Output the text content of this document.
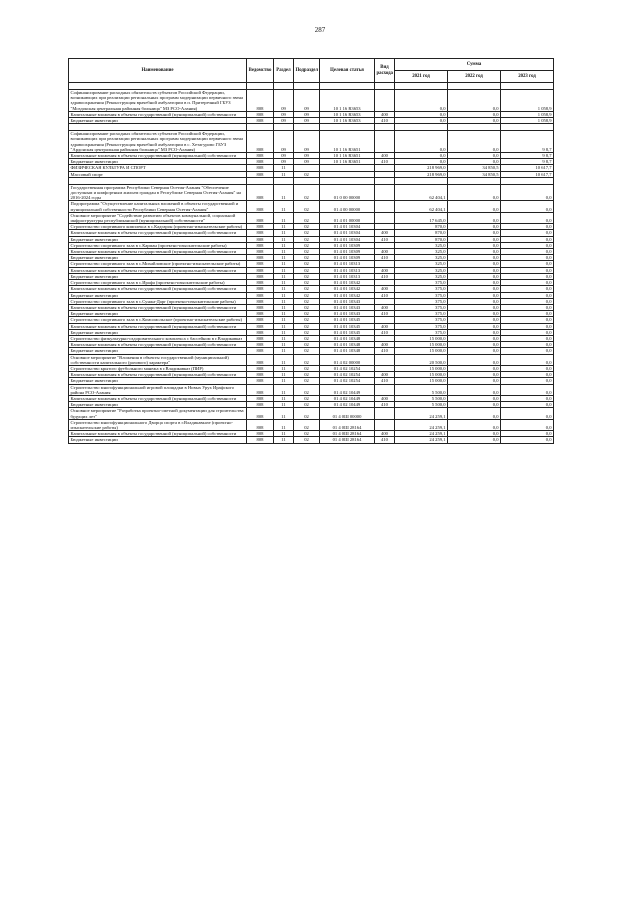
287
Наименование	Ведомство	Раздел	Подраздел	Целевая статья	Вид расхода	Сумма		
						2021 год	2022 год	2023 год

Софинансирование расходных обязательств субъектов Российской Федерации, возникающих при реализации региональных программ модернизации первичного звена здравоохранения (Реконструкция врачебной амбулатории в п. Притеречный ГБУЗ "Моздокская центральная районная больница" МЗ РСО-Алания)	808	09	09	10 1 16 R3653		0,0	0,0	1 058,9
Капитальные вложения в объекты государственной (муниципальной) собственности	808	09	09	10 1 16 R3653	400	0,0	0,0	1 058,9
Бюджетные инвестиции	808	09	09	10 1 16 R3653	410	0,0	0,0	1 058,9

Софинансирование расходных обязательств субъектов Российской Федерации, возникающих при реализации региональных программ модернизации первичного звена здравоохранения (Реконструкция врачебной амбулатории в с. Хетагурово ГБУЗ "Ардонская центральная районная больница" МЗ РСО-Алания)	808	09	09	10 1 16 R3651		0,0	0,0	9 8,7
Капитальные вложения в объекты государственной (муниципальной) собственности	808	09	09	10 1 16 R3651	400	0,0	0,0	9 8,7
Бюджетные инвестиции	808	09	09	10 1 16 R3651	410	0,0	0,0	9 8,7
ФИЗИЧЕСКАЯ КУЛЬТУРА И СПОРТ	808	11				218 969,0	34 850,5	10 617,7
Массовый спорт	808	11	02			218 969,0	34 850,5	10 617,7

Государственная программа Республики Северная Осетия-Алания "Обеспечение доступным и комфортным жильем граждан в Республике Северная Осетия-Алания" на 2016-2024 годы	808	11	02	01 0 00 00000		62 404,1	0,0	0,0
Подпрограмма "Осуществление капитальных вложений в объекты государственной и муниципальной собственности Республики Северная Осетия-Алания"	808	11	02	01 4 00 00000		62 404,1	0,0	0,0
Основное мероприятие "Содействие развитию объектов коммунальной, социальной инфраструктуры республиканской (муниципальной) собственности"	808	11	02	01 4 01 00000		17 645,0	0,0	0,0
Строительство спортивного комплекса в с.Кадгарон (проектно-изыскательские работы)	808	11	02	01 4 01 10304		870,0	0,0	0,0
Капитальные вложения в объекты государственной (муниципальной) собственности	808	11	02	01 4 01 10304	400	870,0	0,0	0,0
Бюджетные инвестиции	808	11	02	01 4 01 10304	410	870,0	0,0	0,0
Строительство спортивного зала в с.Карман (проектно-изыскательские работы)	808	11	02	01 4 01 10309		325,0	0,0	0,0
Капитальные вложения в объекты государственной (муниципальной) собственности	808	11	02	01 4 01 10309	400	325,0	0,0	0,0
Бюджетные инвестиции	808	11	02	01 4 01 10309	410	325,0	0,0	0,0
Строительство спортивного зала в с.Михайловское (проектно-изыскательские работы)	808	11	02	01 4 01 10313		325,0	0,0	0,0
Капитальные вложения в объекты государственной (муниципальной) собственности	808	11	02	01 4 01 10313	400	325,0	0,0	0,0
Бюджетные инвестиции	808	11	02	01 4 01 10313	410	325,0	0,0	0,0
Строительство спортивного зала в с.Ирафа (проектно-изыскательские работы)	808	11	02	01 4 01 10342		375,0	0,0	0,0
Капитальные вложения в объекты государственной (муниципальной) собственности	808	11	02	01 4 01 10342	400	375,0	0,0	0,0
Бюджетные инвестиции	808	11	02	01 4 01 10342	410	375,0	0,0	0,0
Строительство спортивного зала в с.Сунжа-Дарг (проектно-изыскательские работы)	808	11	02	01 4 01 10343		375,0	0,0	0,0
Капитальные вложения в объекты государственной (муниципальной) собственности	808	11	02	01 4 01 10343	400	375,0	0,0	0,0
Бюджетные инвестиции	808	11	02	01 4 01 10343	410	375,0	0,0	0,0
Строительство спортивного зала в с.Комсомольское (проектно-изыскательские работы)	808	11	02	01 4 01 10345		375,0	0,0	0,0
Капитальные вложения в объекты государственной (муниципальной) собственности	808	11	02	01 4 01 10345	400	375,0	0,0	0,0
Бюджетные инвестиции	808	11	02	01 4 01 10345	410	375,0	0,0	0,0
Строительство физкультурно-оздоровительного комплекса с бассейном в г.Владикавказ	808	11	02	01 4 01 10348		15 000,0	0,0	0,0
Капитальные вложения в объекты государственной (муниципальной) собственности	808	11	02	01 4 01 10348	400	15 000,0	0,0	0,0
Бюджетные инвестиции	808	11	02	01 4 01 10348	410	15 000,0	0,0	0,0
Основное мероприятие "Вложения в объекты государственной (муниципальной) собственности капитального (разового) характера"	808	11	02	01 4 02 00000		20 500,0	0,0	0,0
Строительство крытого футбольного манежа в г.Владикавказ (ПИР)	808	11	02	01 4 02 10254		15 000,0	0,0	0,0
Капитальные вложения в объекты государственной (муниципальной) собственности	808	11	02	01 4 02 10254	400	15 000,0	0,0	0,0
Бюджетные инвестиции	808	11	02	01 4 02 10254	410	15 000,0	0,0	0,0
Строительство многофункциональной игровой площадки в Новых Урух Ирафского района РСО-Алания	808	11	02	01 4 02 10449		5 500,0	0,0	0,0
Капитальные вложения в объекты государственной (муниципальной) собственности	808	11	02	01 4 02 10449	400	5 500,0	0,0	0,0
Бюджетные инвестиции	808	11	02	01 4 02 10449	410	5 500,0	0,0	0,0
Основное мероприятие "Разработка проектно-сметной документации для строительства будущих лет"	808	11	02	01 4 0Ш 00000		24 259,1	0,0	0,0
Строительство многофункционального Дворца спорта в г.Владикавказе (проектно-изыскательские работы)	808	11	02	01 4 0Ш 28164		24 259,1	0,0	0,0
Капитальные вложения в объекты государственной (муниципальной) собственности	808	11	02	01 4 0Ш 28164	400	24 259,1	0,0	0,0
Бюджетные инвестиции	808	11	02	01 4 0Ш 28164	410	24 259,1	0,0	0,0
